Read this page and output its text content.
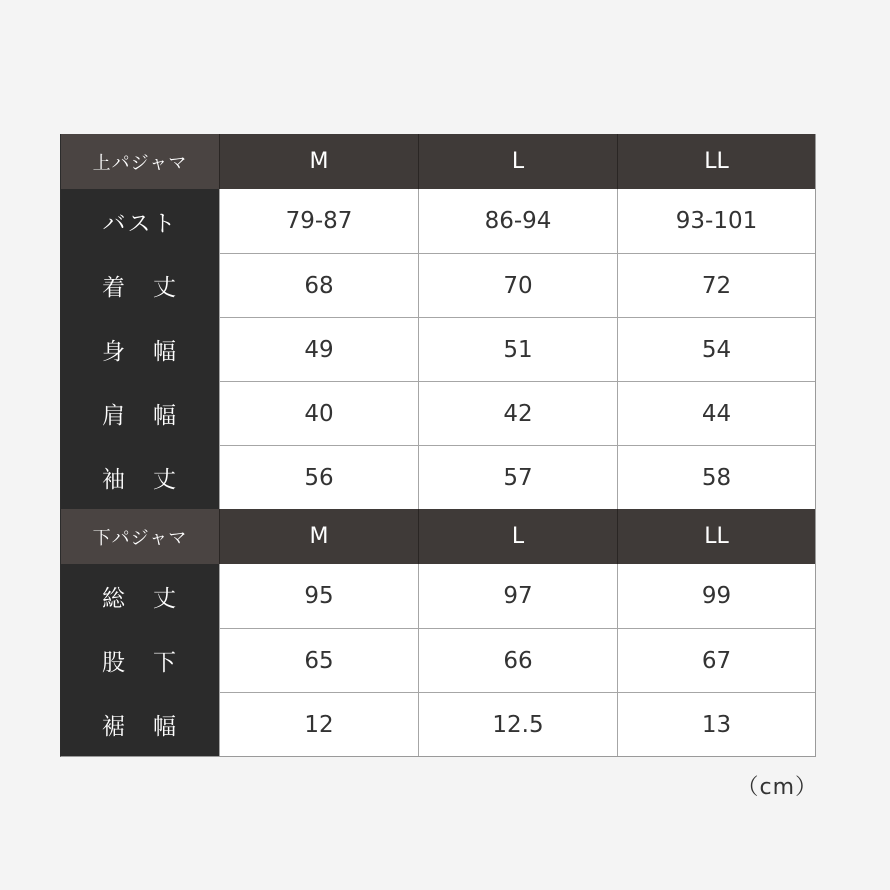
上パジャマ	M	L	LL
バスト	79-87	86-94	93-101
着 丈	68	70	72
身 幅	49	51	54
肩 幅	40	42	44
袖 丈	56	57	58
下パジャマ	M	L	LL
総 丈	95	97	99
股 下	65	66	67
裾 幅	12	12.5	13
（cm）
